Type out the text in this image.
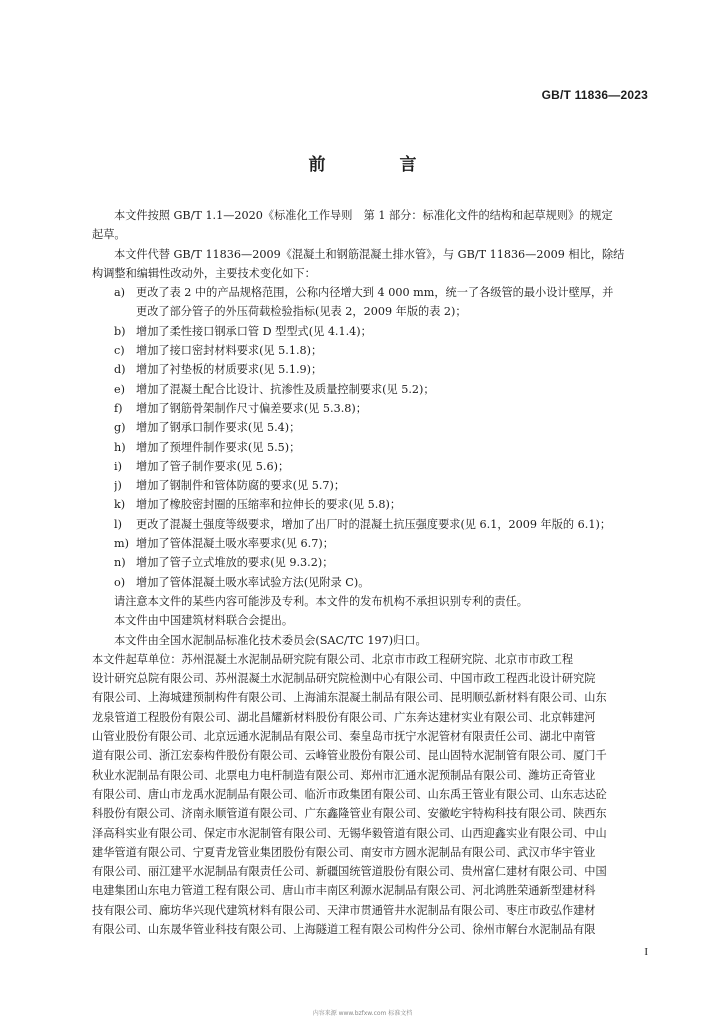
GB/T 11836—2023
前 言
本文件按照 GB/T 1.1—2020《标准化工作导则　第 1 部分：标准化文件的结构和起草规则》的规定
起草。
本文件代替 GB/T 11836—2009《混凝土和钢筋混凝土排水管》，与 GB/T 11836—2009 相比，除结
构调整和编辑性改动外，主要技术变化如下：
a) 更改了表 2 中的产品规格范围，公称内径增大到 4 000 mm，统一了各级管的最小设计壁厚，并
更改了部分管子的外压荷载检验指标(见表 2，2009 年版的表 2)；
b) 增加了柔性接口钢承口管 D 型型式(见 4.1.4)；
c)	增加了接口密封材料要求(见 5.1.8)；
d) 增加了衬垫板的材质要求(见 5.1.9)；
e) 增加了混凝土配合比设计、抗渗性及质量控制要求(见 5.2)；
f)	增加了钢筋骨架制作尺寸偏差要求(见 5.3.8)；
g) 增加了钢承口制作要求(见 5.4)；
h) 增加了预埋件制作要求(见 5.5)；
i)	增加了管子制作要求(见 5.6)；
j)	增加了钢制件和管体防腐的要求(见 5.7)；
k) 增加了橡胶密封圈的压缩率和拉伸长的要求(见 5.8)；
l)	更改了混凝土强度等级要求，增加了出厂时的混凝土抗压强度要求(见 6.1，2009 年版的 6.1)；
m) 增加了管体混凝土吸水率要求(见 6.7)；
n) 增加了管子立式堆放的要求(见 9.3.2)；
o) 增加了管体混凝土吸水率试验方法(见附录 C)。
请注意本文件的某些内容可能涉及专利。本文件的发布机构不承担识别专利的责任。
本文件由中国建筑材料联合会提出。
本文件由全国水泥制品标准化技术委员会(SAC/TC 197)归口。
本文件起草单位：苏州混凝土水泥制品研究院有限公司、北京市市政工程研究院、北京市市政工程
设计研究总院有限公司、苏州混凝土水泥制品研究院检测中心有限公司、中国市政工程西北设计研究院
有限公司、上海城建预制构件有限公司、上海浦东混凝土制品有限公司、昆明顺弘新材料有限公司、山东
龙泉管道工程股份有限公司、湖北昌耀新材料股份有限公司、广东奔达建材实业有限公司、北京韩建河
山管业股份有限公司、北京远通水泥制品有限公司、秦皇岛市抚宁水泥管材有限责任公司、湖北中南管
道有限公司、浙江宏泰构件股份有限公司、云峰管业股份有限公司、昆山固特水泥制管有限公司、厦门千
秋业水泥制品有限公司、北票电力电杆制造有限公司、郑州市汇通水泥预制品有限公司、潍坊正奇管业
有限公司、唐山市龙禹水泥制品有限公司、临沂市政集团有限公司、山东禹王管业有限公司、山东志达砼
科股份有限公司、济南永顺管道有限公司、广东鑫隆管业有限公司、安徽屹宇特构科技有限公司、陕西东
泽高科实业有限公司、保定市水泥制管有限公司、无锡华毅管道有限公司、山西迎鑫实业有限公司、中山
建华管道有限公司、宁夏青龙管业集团股份有限公司、南安市方圆水泥制品有限公司、武汉市华宇管业
有限公司、丽江建平水泥制品有限责任公司、新疆国统管道股份有限公司、贵州富仁建材有限公司、中国
电建集团山东电力管道工程有限公司、唐山市丰南区利源水泥制品有限公司、河北鸿胜荣通新型建材科
技有限公司、廊坊华兴现代建筑材料有限公司、天津市贯通管井水泥制品有限公司、枣庄市政弘作建材
有限公司、山东晟华管业科技有限公司、上海隧道工程有限公司构件分公司、徐州市解台水泥制品有限
I
内容来源 www.bzfxw.com 标准文档
